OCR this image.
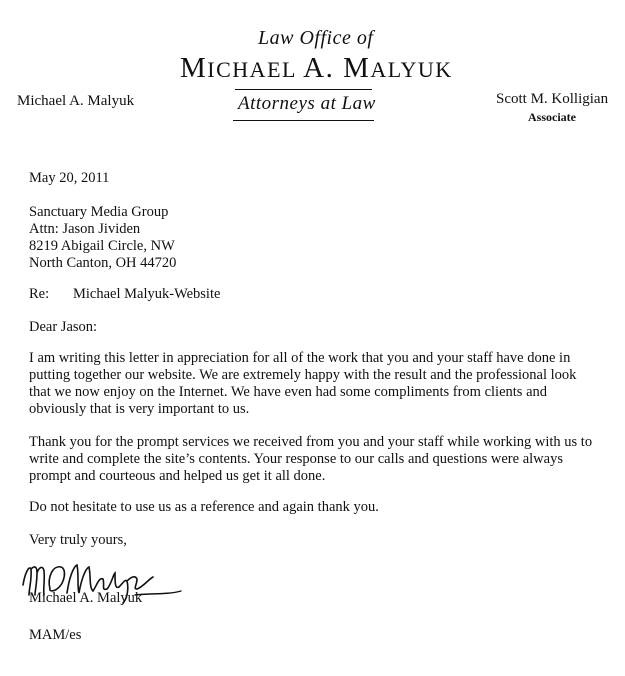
Law Office of
MICHAEL A. MALYUK
Attorneys at Law
Michael A. Malyuk	Scott M. Kolligian
Associate
May 20, 2011
Sanctuary Media Group
Attn: Jason Jividen
8219 Abigail Circle, NW
North Canton, OH 44720
Re: Michael Malyuk-Website
Dear Jason:
I am writing this letter in appreciation for all of the work that you and your staff have done in
putting together our website. We are extremely happy with the result and the professional look
that we now enjoy on the Internet. We have even had some compliments from clients and
obviously that is very important to us.
Thank you for the prompt services we received from you and your staff while working with us to
write and complete the site’s contents. Your response to our calls and questions were always
prompt and courteous and helped us get it all done.
Do not hesitate to use us as a reference and again thank you.
Very truly yours,
Michael A. Malyuk
MAM/es
